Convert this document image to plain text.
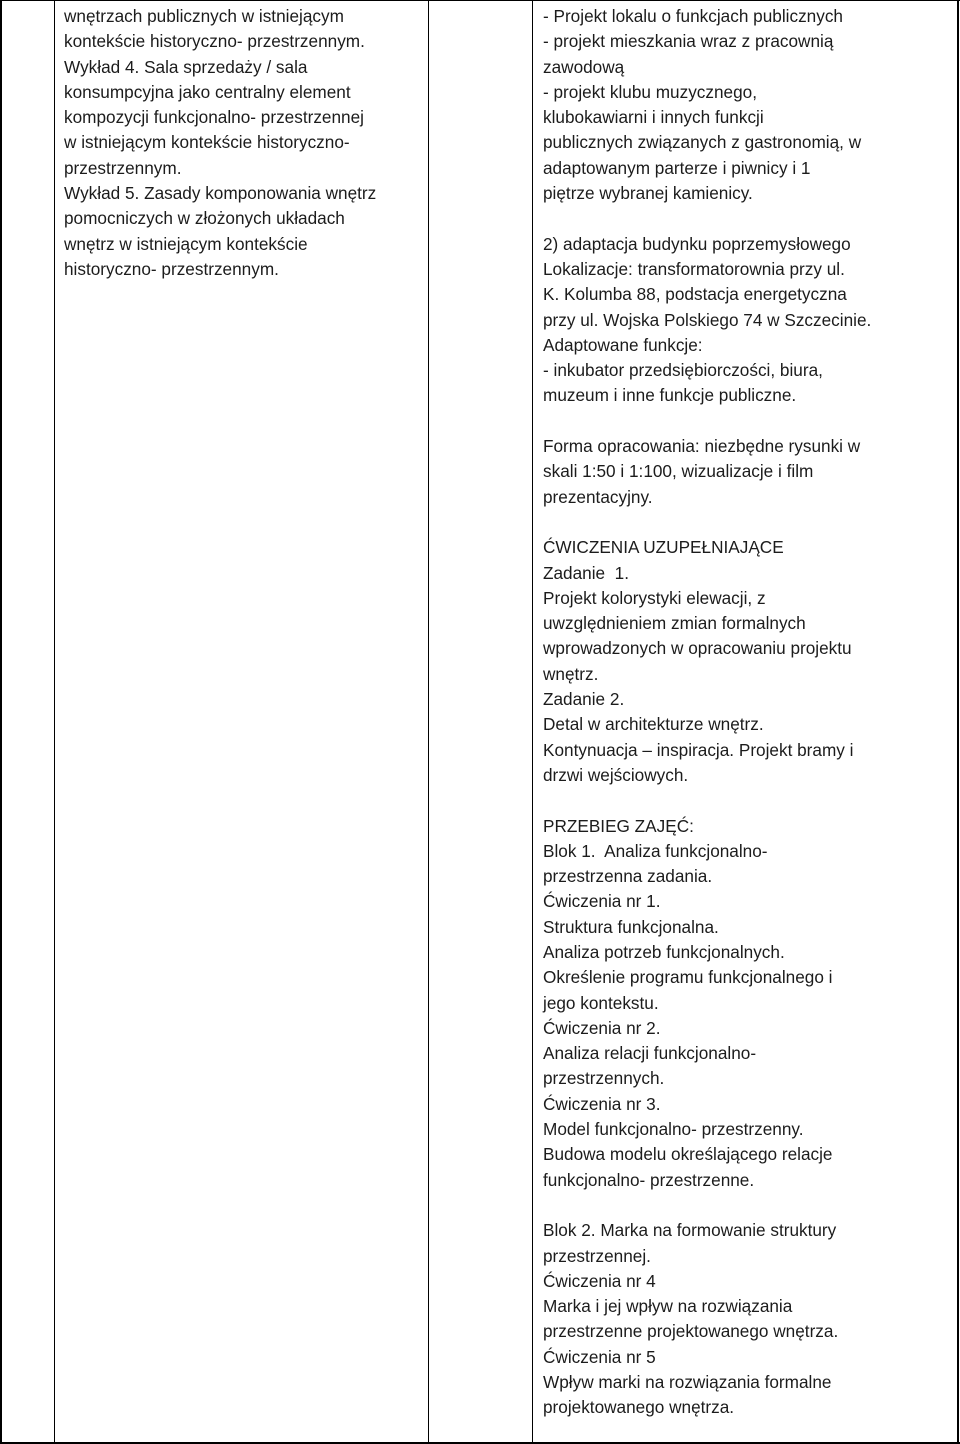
wnętrzach publicznych w istniejącym
kontekście historyczno- przestrzennym.
Wykład 4. Sala sprzedaży / sala
konsumpcyjna jako centralny element
kompozycji funkcjonalno- przestrzennej
w istniejącym kontekście historyczno-
przestrzennym.
Wykład 5. Zasady komponowania wnętrz
pomocniczych w złożonych układach
wnętrz w istniejącym kontekście
historyczno- przestrzennym.
- Projekt lokalu o funkcjach publicznych
- projekt mieszkania wraz z pracownią
zawodową
- projekt klubu muzycznego,
klubokawiarni i innych funkcji
publicznych związanych z gastronomią, w
adaptowanym parterze i piwnicy i 1
piętrze wybranej kamienicy.
2) adaptacja budynku poprzemysłowego
Lokalizacje: transformatorownia przy ul.
K. Kolumba 88, podstacja energetyczna
przy ul. Wojska Polskiego 74 w Szczecinie.
Adaptowane funkcje:
- inkubator przedsiębiorczości, biura,
muzeum i inne funkcje publiczne.
Forma opracowania: niezbędne rysunki w
skali 1:50 i 1:100, wizualizacje i film
prezentacyjny.
ĆWICZENIA UZUPEŁNIAJĄCE
Zadanie  1.
Projekt kolorystyki elewacji, z
uwzględnieniem zmian formalnych
wprowadzonych w opracowaniu projektu
wnętrz.
Zadanie 2.
Detal w architekturze wnętrz.
Kontynuacja – inspiracja. Projekt bramy i
drzwi wejściowych.
PRZEBIEG ZAJĘĆ:
Blok 1.  Analiza funkcjonalno-
przestrzenna zadania.
Ćwiczenia nr 1.
Struktura funkcjonalna.
Analiza potrzeb funkcjonalnych.
Określenie programu funkcjonalnego i
jego kontekstu.
Ćwiczenia nr 2.
Analiza relacji funkcjonalno-
przestrzennych.
Ćwiczenia nr 3.
Model funkcjonalno- przestrzenny.
Budowa modelu określającego relacje
funkcjonalno- przestrzenne.
Blok 2. Marka na formowanie struktury
przestrzennej.
Ćwiczenia nr 4
Marka i jej wpływ na rozwiązania
przestrzenne projektowanego wnętrza.
Ćwiczenia nr 5
Wpływ marki na rozwiązania formalne
projektowanego wnętrza.
